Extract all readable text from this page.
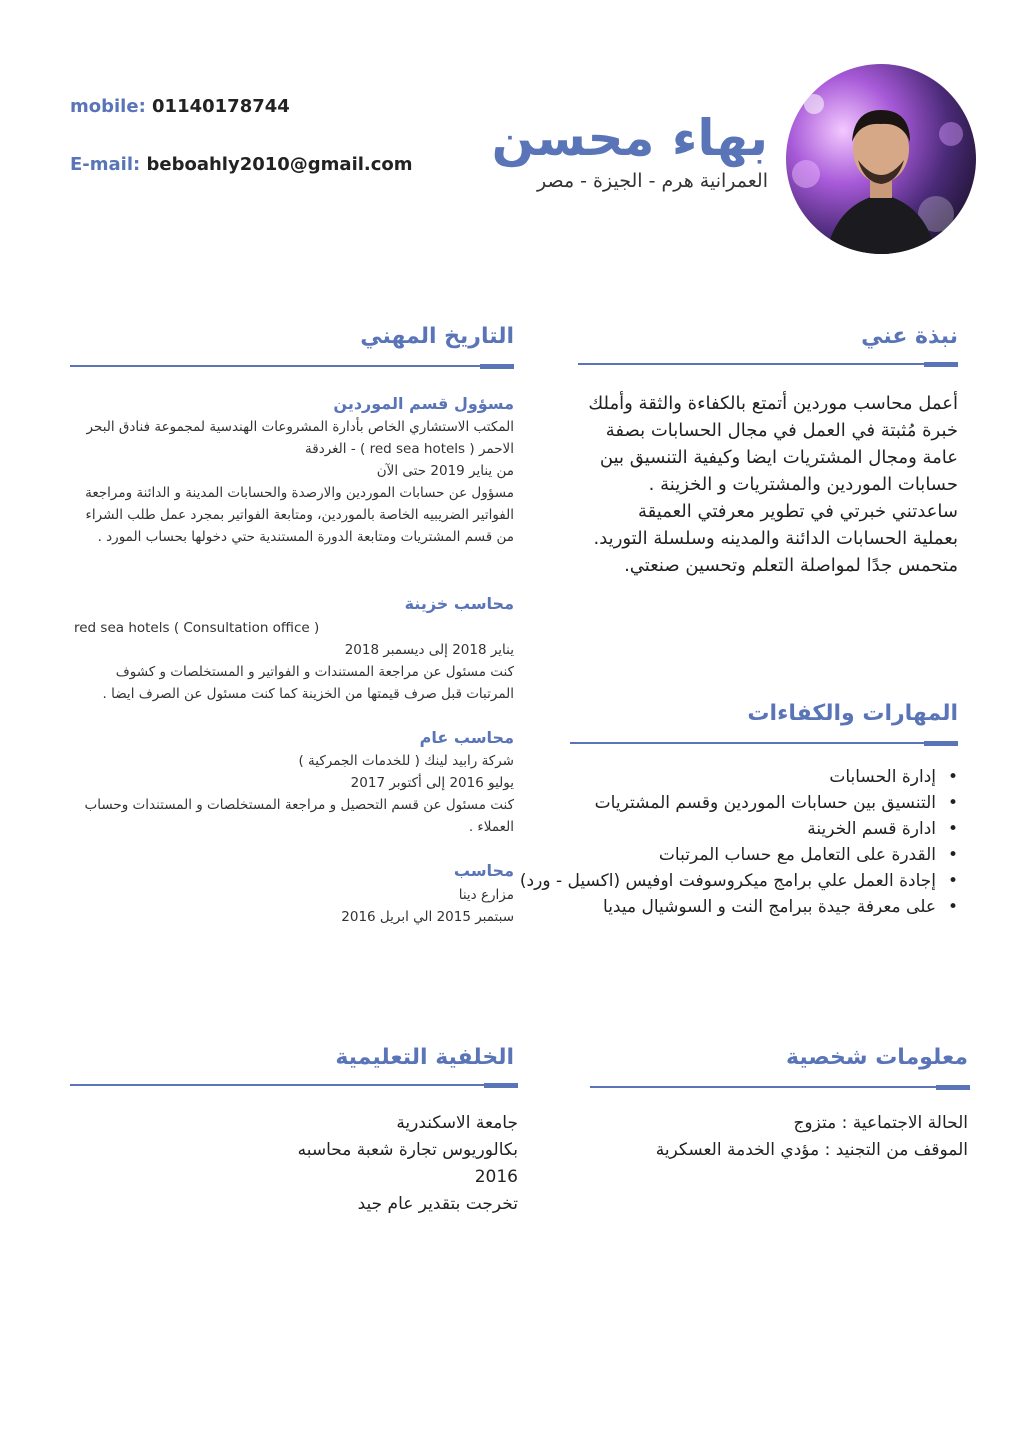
mobile: 01140178744
E-mail: beboahly2010@gmail.com بهاء محسن
العمرانية هرم - الجيزة - مصر
نبذة عني
أعمل محاسب موردين أتمتع بالكفاءة والثقة وأملك خبرة مُثبتة في العمل في مجال الحسابات بصفة عامة ومجال المشتريات ايضا وكيفية التنسيق بين حسابات الموردين والمشتريات و الخزينة . ساعدتني خبرتي في تطوير معرفتي العميقة بعملية الحسابات الدائنة والمدينه وسلسلة التوريد. متحمس جدًا لمواصلة التعلم وتحسين صنعتي.
المهارات والكفاءات
• إدارة الحسابات
• التنسيق بين حسابات الموردين وقسم المشتريات
• ادارة قسم الخرينة
• القدرة على التعامل مع حساب المرتبات
• إجادة العمل علي برامج ميكروسوفت اوفيس (اكسيل - ورد)
• على معرفة جيدة ببرامج النت و السوشيال ميديا
التاريخ المهني
مسؤول قسم الموردين
المكتب الاستشاري الخاص بأدارة المشروعات الهندسية لمجموعة فنادق البحر الاحمر ( red sea hotels ) - الغردقة
من يناير 2019 حتى الآن
مسؤول عن حسابات الموردين والارصدة والحسابات المدينة و الدائنة ومراجعة الفواتير الضريبيه الخاصة بالموردين، ومتابعة الفواتير بمجرد عمل طلب الشراء من قسم المشتريات ومتابعة الدورة المستندية حتي دخولها بحساب المورد .
محاسب خزينة
red sea hotels ( Consultation office )
يناير 2018 إلى ديسمبر 2018
كنت مسئول عن مراجعة المستندات و الفواتير و المستخلصات و كشوف المرتبات قبل صرف قيمتها من الخزينة كما كنت مسئول عن الصرف ايضا .
محاسب عام
شركة رابيد لينك ( للخدمات الجمركية )
يوليو 2016 إلى أكتوبر 2017
كنت مسئول عن قسم التحصيل و مراجعة المستخلصات و المستندات وحساب العملاء .
محاسب
مزارع دينا
سبتمبر 2015 الي ابريل 2016
معلومات شخصية
الحالة الاجتماعية : متزوج
الموقف من التجنيد : مؤدي الخدمة العسكرية
الخلفية التعليمية
جامعة الاسكندرية
بكالوريوس تجارة شعبة محاسبه
2016
تخرجت بتقدير عام جيد
